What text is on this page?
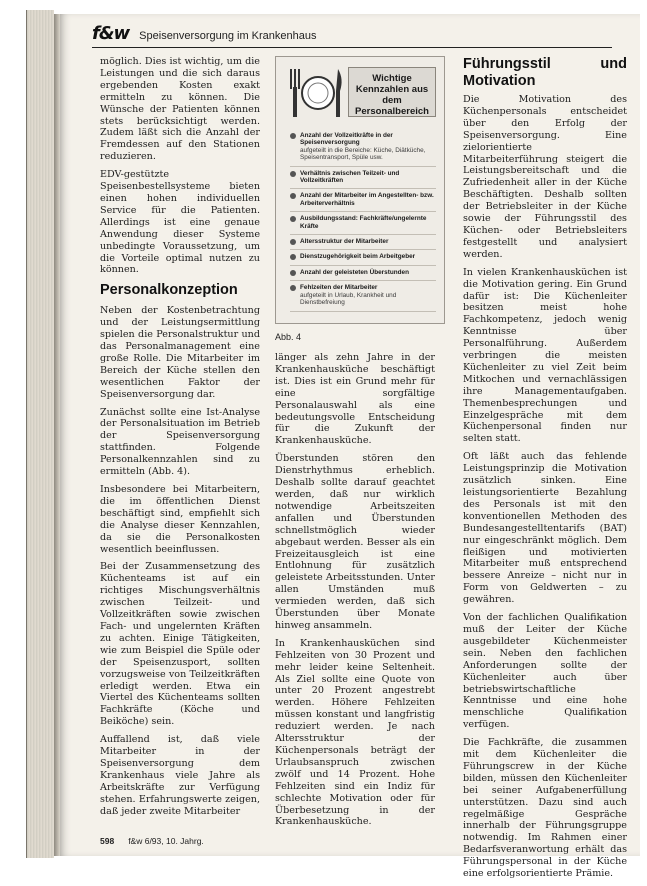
f&w Speisenversorgung im Krankenhaus

möglich. Dies ist wichtig, um die Leistungen und die sich daraus ergebenden Kosten exakt ermitteln zu können. Die Wünsche der Patienten können stets berücksichtigt werden. Zudem läßt sich die Anzahl der Fremdessen auf den Stationen reduzieren.

EDV-gestützte Speisenbestellsysteme bieten einen hohen individuellen Service für die Patienten. Allerdings ist eine genaue Anwendung dieser Systeme unbedingte Voraussetzung, um die Vorteile optimal nutzen zu können.

Personalkonzeption

Neben der Kostenbetrachtung und der Leistungsermittlung spielen die Personalstruktur und das Personalmanagement eine große Rolle. Die Mitarbeiter im Bereich der Küche stellen den wesentlichen Faktor der Speisenversorgung dar.

Zunächst sollte eine Ist-Analyse der Personalsituation im Betrieb der Speisenversorgung stattfinden. Folgende Personalkennzahlen sind zu ermitteln (Abb. 4).

Insbesondere bei Mitarbeitern, die im öffentlichen Dienst beschäftigt sind, empfiehlt sich die Analyse dieser Kennzahlen, da sie die Personalkosten wesentlich beeinflussen.

Bei der Zusammensetzung des Küchenteams ist auf ein richtiges Mischungsverhältnis zwischen Teilzeit- und Vollzeitkräften sowie zwischen Fach- und ungelernten Kräften zu achten. Einige Tätigkeiten, wie zum Beispiel die Spüle oder der Speisenzusport, sollten vorzugsweise von Teilzeitkräften erledigt werden. Etwa ein Viertel des Küchenteams sollten Fachkräfte (Köche und Beiköche) sein.

Auffallend ist, daß viele Mitarbeiter in der Speisenversorgung dem Krankenhaus viele Jahre als Arbeitskräfte zur Verfügung stehen. Erfahrungswerte zeigen, daß jeder zweite Mitarbeiter

Wichtige Kennzahlen aus dem Personalbereich
Anzahl der Vollzeitkräfte in der Speisenversorgung
aufgeteilt in die Bereiche: Küche, Diätküche, Speisentransport, Spüle usw.
Verhältnis zwischen Teilzeit- und Vollzeitkräften
Anzahl der Mitarbeiter im Angestellten- bzw. Arbeiterverhältnis
Ausbildungsstand: Fachkräfte/ungelernte Kräfte
Altersstruktur der Mitarbeiter
Dienstzugehörigkeit beim Arbeitgeber
Anzahl der geleisteten Überstunden
Fehlzeiten der Mitarbeiter
aufgeteilt in Urlaub, Krankheit und Dienstbefreiung
Abb. 4

länger als zehn Jahre in der Krankenhausküche beschäftigt ist. Dies ist ein Grund mehr für eine sorgfältige Personalauswahl als eine bedeutungsvolle Entscheidung für die Zukunft der Krankenhausküche.

Überstunden stören den Dienstrhythmus erheblich. Deshalb sollte darauf geachtet werden, daß nur wirklich notwendige Arbeitszeiten anfallen und Überstunden schnellstmöglich wieder abgebaut werden. Besser als ein Freizeitausgleich ist eine Entlohnung für zusätzlich geleistete Arbeitsstunden. Unter allen Umständen muß vermieden werden, daß sich Überstunden über Monate hinweg ansammeln.

In Krankenhausküchen sind Fehlzeiten von 30 Prozent und mehr leider keine Seltenheit. Als Ziel sollte eine Quote von unter 20 Prozent angestrebt werden. Höhere Fehlzeiten müssen konstant und langfristig reduziert werden. Je nach Altersstruktur der Küchenpersonals beträgt der Urlaubsanspruch zwischen zwölf und 14 Prozent. Hohe Fehlzeiten sind ein Indiz für schlechte Motivation oder für Überbesetzung in der Krankenhausküche.

Führungsstil und Motivation

Die Motivation des Küchenpersonals entscheidet über den Erfolg der Speisenversorgung. Eine zielorientierte Mitarbeiterführung steigert die Leistungsbereitschaft und die Zufriedenheit aller in der Küche Beschäftigten. Deshalb sollten der Betriebsleiter in der Küche sowie der Führungsstil des Küchen- oder Betriebsleiters festgestellt und analysiert werden.

In vielen Krankenhausküchen ist die Motivation gering. Ein Grund dafür ist: Die Küchenleiter besitzen meist hohe Fachkompetenz, jedoch wenig Kenntnisse über Personalführung. Außerdem verbringen die meisten Küchenleiter zu viel Zeit beim Mitkochen und vernachlässigen ihre Managementaufgaben. Themenbesprechungen und Einzelgespräche mit dem Küchenpersonal finden nur selten statt.

Oft läßt auch das fehlende Leistungsprinzip die Motivation zusätzlich sinken. Eine leistungsorientierte Bezahlung des Personals ist mit den konventionellen Methoden des Bundesangestelltentarifs (BAT) nur eingeschränkt möglich. Dem fleißigen und motivierten Mitarbeiter muß entsprechend bessere Anreize – nicht nur in Form von Geldwerten – zu gewähren.

Von der fachlichen Qualifikation muß der Leiter der Küche ausgebildeter Küchenmeister sein. Neben den fachlichen Anforderungen sollte der Küchenleiter auch über betriebswirtschaftliche Kenntnisse und eine hohe menschliche Qualifikation verfügen.

Die Fachkräfte, die zusammen mit dem Küchenleiter die Führungscrew in der Küche bilden, müssen den Küchenleiter bei seiner Aufgabenerfüllung unterstützen. Dazu sind auch regelmäßige Gespräche innerhalb der Führungsgruppe notwendig. Im Rahmen einer Bedarfsveranwortung erhält das Führungspersonal in der Küche eine erfolgsorientierte Prämie.

598 f&w 6/93, 10. Jahrg.
